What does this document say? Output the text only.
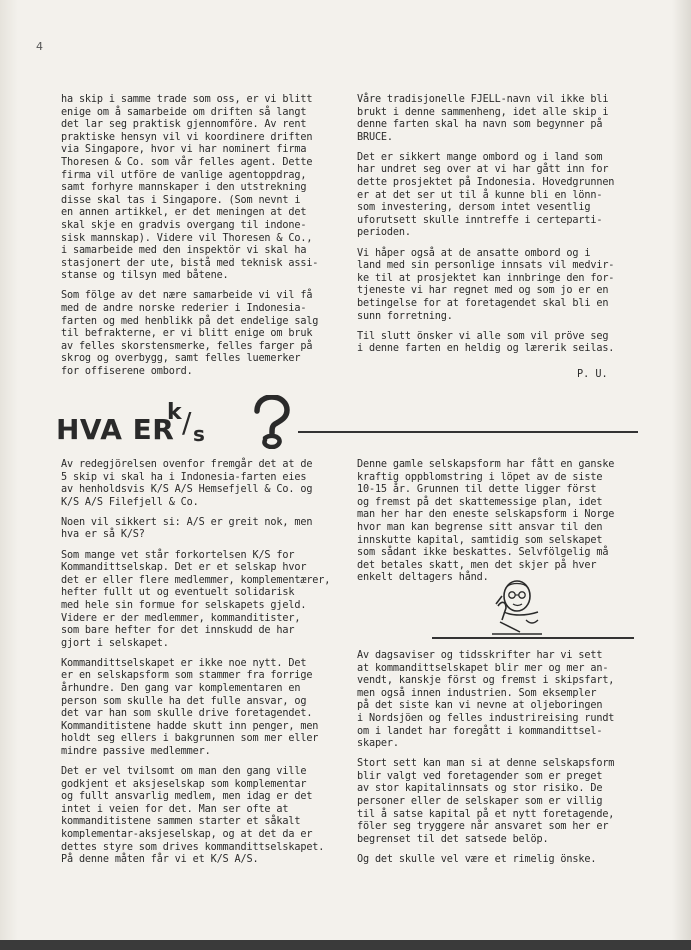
4

ha skip i samme trade som oss, er vi blitt
enige om å samarbeide om driften så langt
det lar seg praktisk gjennomföre. Av rent
praktiske hensyn vil vi koordinere driften
via Singapore, hvor vi har nominert firma
Thoresen & Co. som vår felles agent. Dette
firma vil utföre de vanlige agentoppdrag,
samt forhyre mannskaper i den utstrekning
disse skal tas i Singapore. (Som nevnt i
en annen artikkel, er det meningen at det
skal skje en gradvis overgang til indone-
sisk mannskap). Videre vil Thoresen & Co.,
i samarbeide med den inspektör vi skal ha
stasjonert der ute, bistå med teknisk assi-
stanse og tilsyn med båtene.

Som fölge av det nære samarbeide vi vil få
med de andre norske rederier i Indonesia-
farten og med henblikk på det endelige salg
til befrakterne, er vi blitt enige om bruk
av felles skorstensmerke, felles farger på
skrog og overbygg, samt felles luemerker
for offiserene ombord.

Våre tradisjonelle FJELL-navn vil ikke bli
brukt i denne sammenheng, idet alle skip i
denne farten skal ha navn som begynner på
BRUCE.

Det er sikkert mange ombord og i land som
har undret seg over at vi har gått inn for
dette prosjektet på Indonesia. Hovedgrunnen
er at det ser ut til å kunne bli en lönn-
som investering, dersom intet vesentlig
uforutsett skulle inntreffe i certeparti-
perioden.

Vi håper også at de ansatte ombord og i
land med sin personlige innsats vil medvir-
ke til at prosjektet kan innbringe den for-
tjeneste vi har regnet med og som jo er en
betingelse for at foretagendet skal bli en
sunn forretning.

Til slutt önsker vi alle som vil pröve seg
i denne farten en heldig og lærerik seilas.

P. U.
HVA ER
k / s

Av redegjörelsen ovenfor fremgår det at de
5 skip vi skal ha i Indonesia-farten eies
av henholdsvis K/S A/S Hemsefjell & Co. og
K/S A/S Filefjell & Co.

Noen vil sikkert si: A/S er greit nok, men
hva er så K/S?

Som mange vet står forkortelsen K/S for
Kommandittselskap. Det er et selskap hvor
det er eller flere medlemmer, komplementærer,
hefter fullt ut og eventuelt solidarisk
med hele sin formue for selskapets gjeld.
Videre er der medlemmer, kommanditister,
som bare hefter for det innskudd de har
gjort i selskapet.

Kommandittselskapet er ikke noe nytt. Det
er en selskapsform som stammer fra forrige
århundre. Den gang var komplementaren en
person som skulle ha det fulle ansvar, og
det var han som skulle drive foretagendet.
Kommanditistene hadde skutt inn penger, men
holdt seg ellers i bakgrunnen som mer eller
mindre passive medlemmer.

Det er vel tvilsomt om man den gang ville
godkjent et aksjeselskap som komplementar
og fullt ansvarlig medlem, men idag er det
intet i veien for det. Man ser ofte at
kommanditistene sammen starter et såkalt
komplementar-aksjeselskap, og at det da er
dettes styre som drives kommandittselskapet.
På denne måten får vi et K/S A/S.

Denne gamle selskapsform har fått en ganske
kraftig oppblomstring i löpet av de siste
10-15 år. Grunnen til dette ligger först
og fremst på det skattemessige plan, idet
man her har den eneste selskapsform i Norge
hvor man kan begrense sitt ansvar til den
innskutte kapital, samtidig som selskapet
som sådant ikke beskattes. Selvfölgelig må
det betales skatt, men det skjer på hver
enkelt deltagers hånd.

Av dagsaviser og tidsskrifter har vi sett
at kommandittselskapet blir mer og mer an-
vendt, kanskje först og fremst i skipsfart,
men også innen industrien. Som eksempler
på det siste kan vi nevne at oljeboringen
i Nordsjöen og felles industrireising rundt
om i landet har foregått i kommandittsel-
skaper.

Stort sett kan man si at denne selskapsform
blir valgt ved foretagender som er preget
av stor kapitalinnsats og stor risiko. De
personer eller de selskaper som er villig
til å satse kapital på et nytt foretagende,
föler seg tryggere når ansvaret som her er
begrenset til det satsede belöp.

Og det skulle vel være et rimelig önske.
